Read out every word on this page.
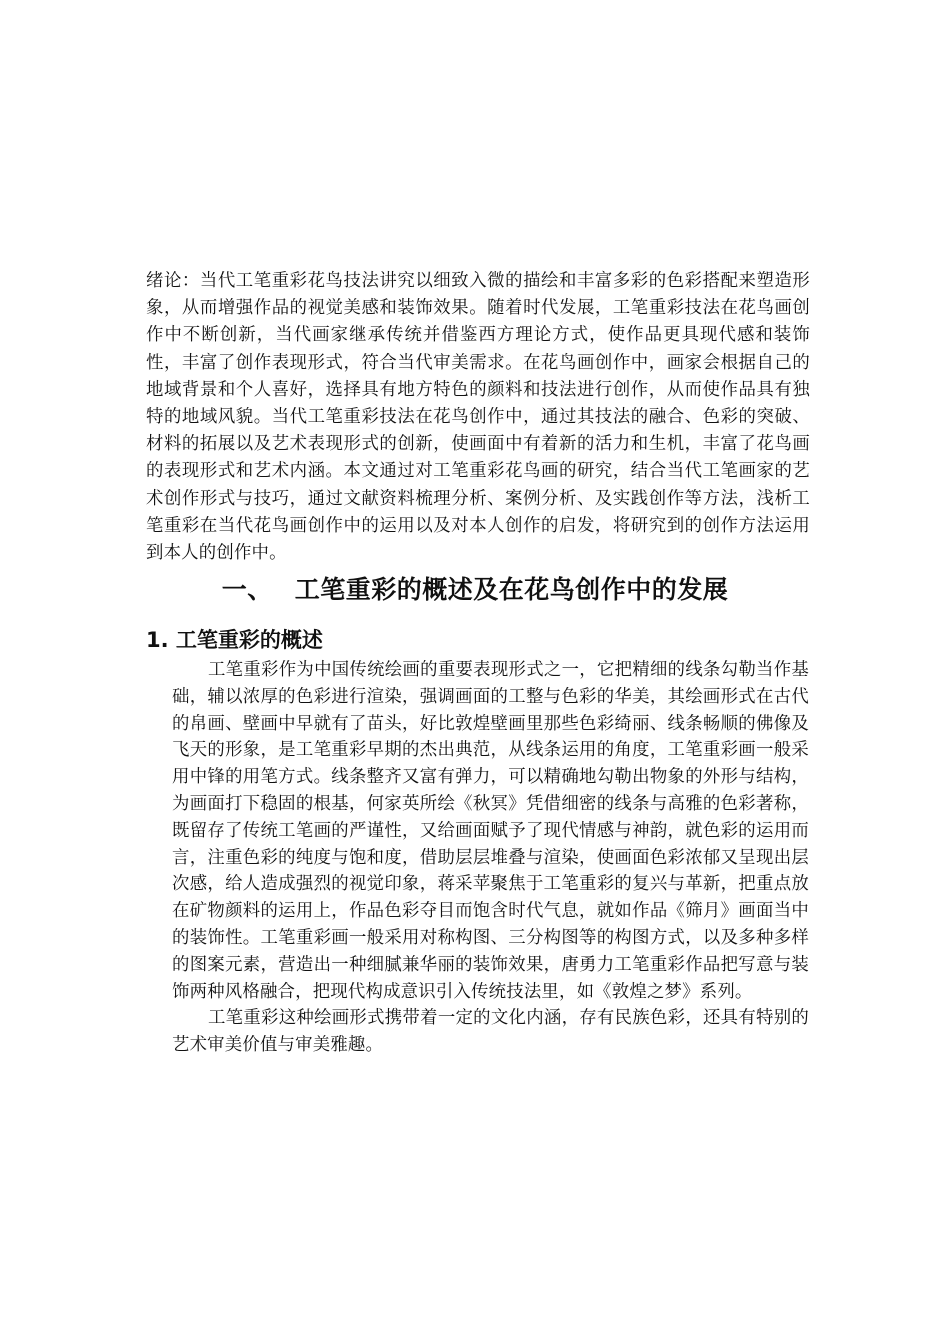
绪论：当代工笔重彩花鸟技法讲究以细致入微的描绘和丰富多彩的色彩搭配来塑造形象，从而增强作品的视觉美感和装饰效果。随着时代发展，工笔重彩技法在花鸟画创作中不断创新，当代画家继承传统并借鉴西方理论方式，使作品更具现代感和装饰性，丰富了创作表现形式，符合当代审美需求。在花鸟画创作中，画家会根据自己的地域背景和个人喜好，选择具有地方特色的颜料和技法进行创作，从而使作品具有独特的地域风貌。当代工笔重彩技法在花鸟创作中，通过其技法的融合、色彩的突破、材料的拓展以及艺术表现形式的创新，使画面中有着新的活力和生机，丰富了花鸟画的表现形式和艺术内涵。本文通过对工笔重彩花鸟画的研究，结合当代工笔画家的艺术创作形式与技巧，通过文献资料梳理分析、案例分析、及实践创作等方法，浅析工笔重彩在当代花鸟画创作中的运用以及对本人创作的启发，将研究到的创作方法运用到本人的创作中。

一、 工笔重彩的概述及在花鸟创作中的发展
1. 工笔重彩的概述

工笔重彩作为中国传统绘画的重要表现形式之一，它把精细的线条勾勒当作基础，辅以浓厚的色彩进行渲染，强调画面的工整与色彩的华美，其绘画形式在古代的帛画、壁画中早就有了苗头，好比敦煌壁画里那些色彩绮丽、线条畅顺的佛像及飞天的形象，是工笔重彩早期的杰出典范，从线条运用的角度，工笔重彩画一般采用中锋的用笔方式。线条整齐又富有弹力，可以精确地勾勒出物象的外形与结构，为画面打下稳固的根基，何家英所绘《秋冥》凭借细密的线条与高雅的色彩著称，既留存了传统工笔画的严谨性，又给画面赋予了现代情感与神韵，就色彩的运用而言，注重色彩的纯度与饱和度，借助层层堆叠与渲染，使画面色彩浓郁又呈现出层次感，给人造成强烈的视觉印象，蒋采苹聚焦于工笔重彩的复兴与革新，把重点放在矿物颜料的运用上，作品色彩夺目而饱含时代气息，就如作品《筛月》画面当中的装饰性。工笔重彩画一般采用对称构图、三分构图等的构图方式，以及多种多样的图案元素，营造出一种细腻兼华丽的装饰效果，唐勇力工笔重彩作品把写意与装饰两种风格融合，把现代构成意识引入传统技法里，如《敦煌之梦》系列。

工笔重彩这种绘画形式携带着一定的文化内涵，存有民族色彩，还具有特别的艺术审美价值与审美雅趣。
